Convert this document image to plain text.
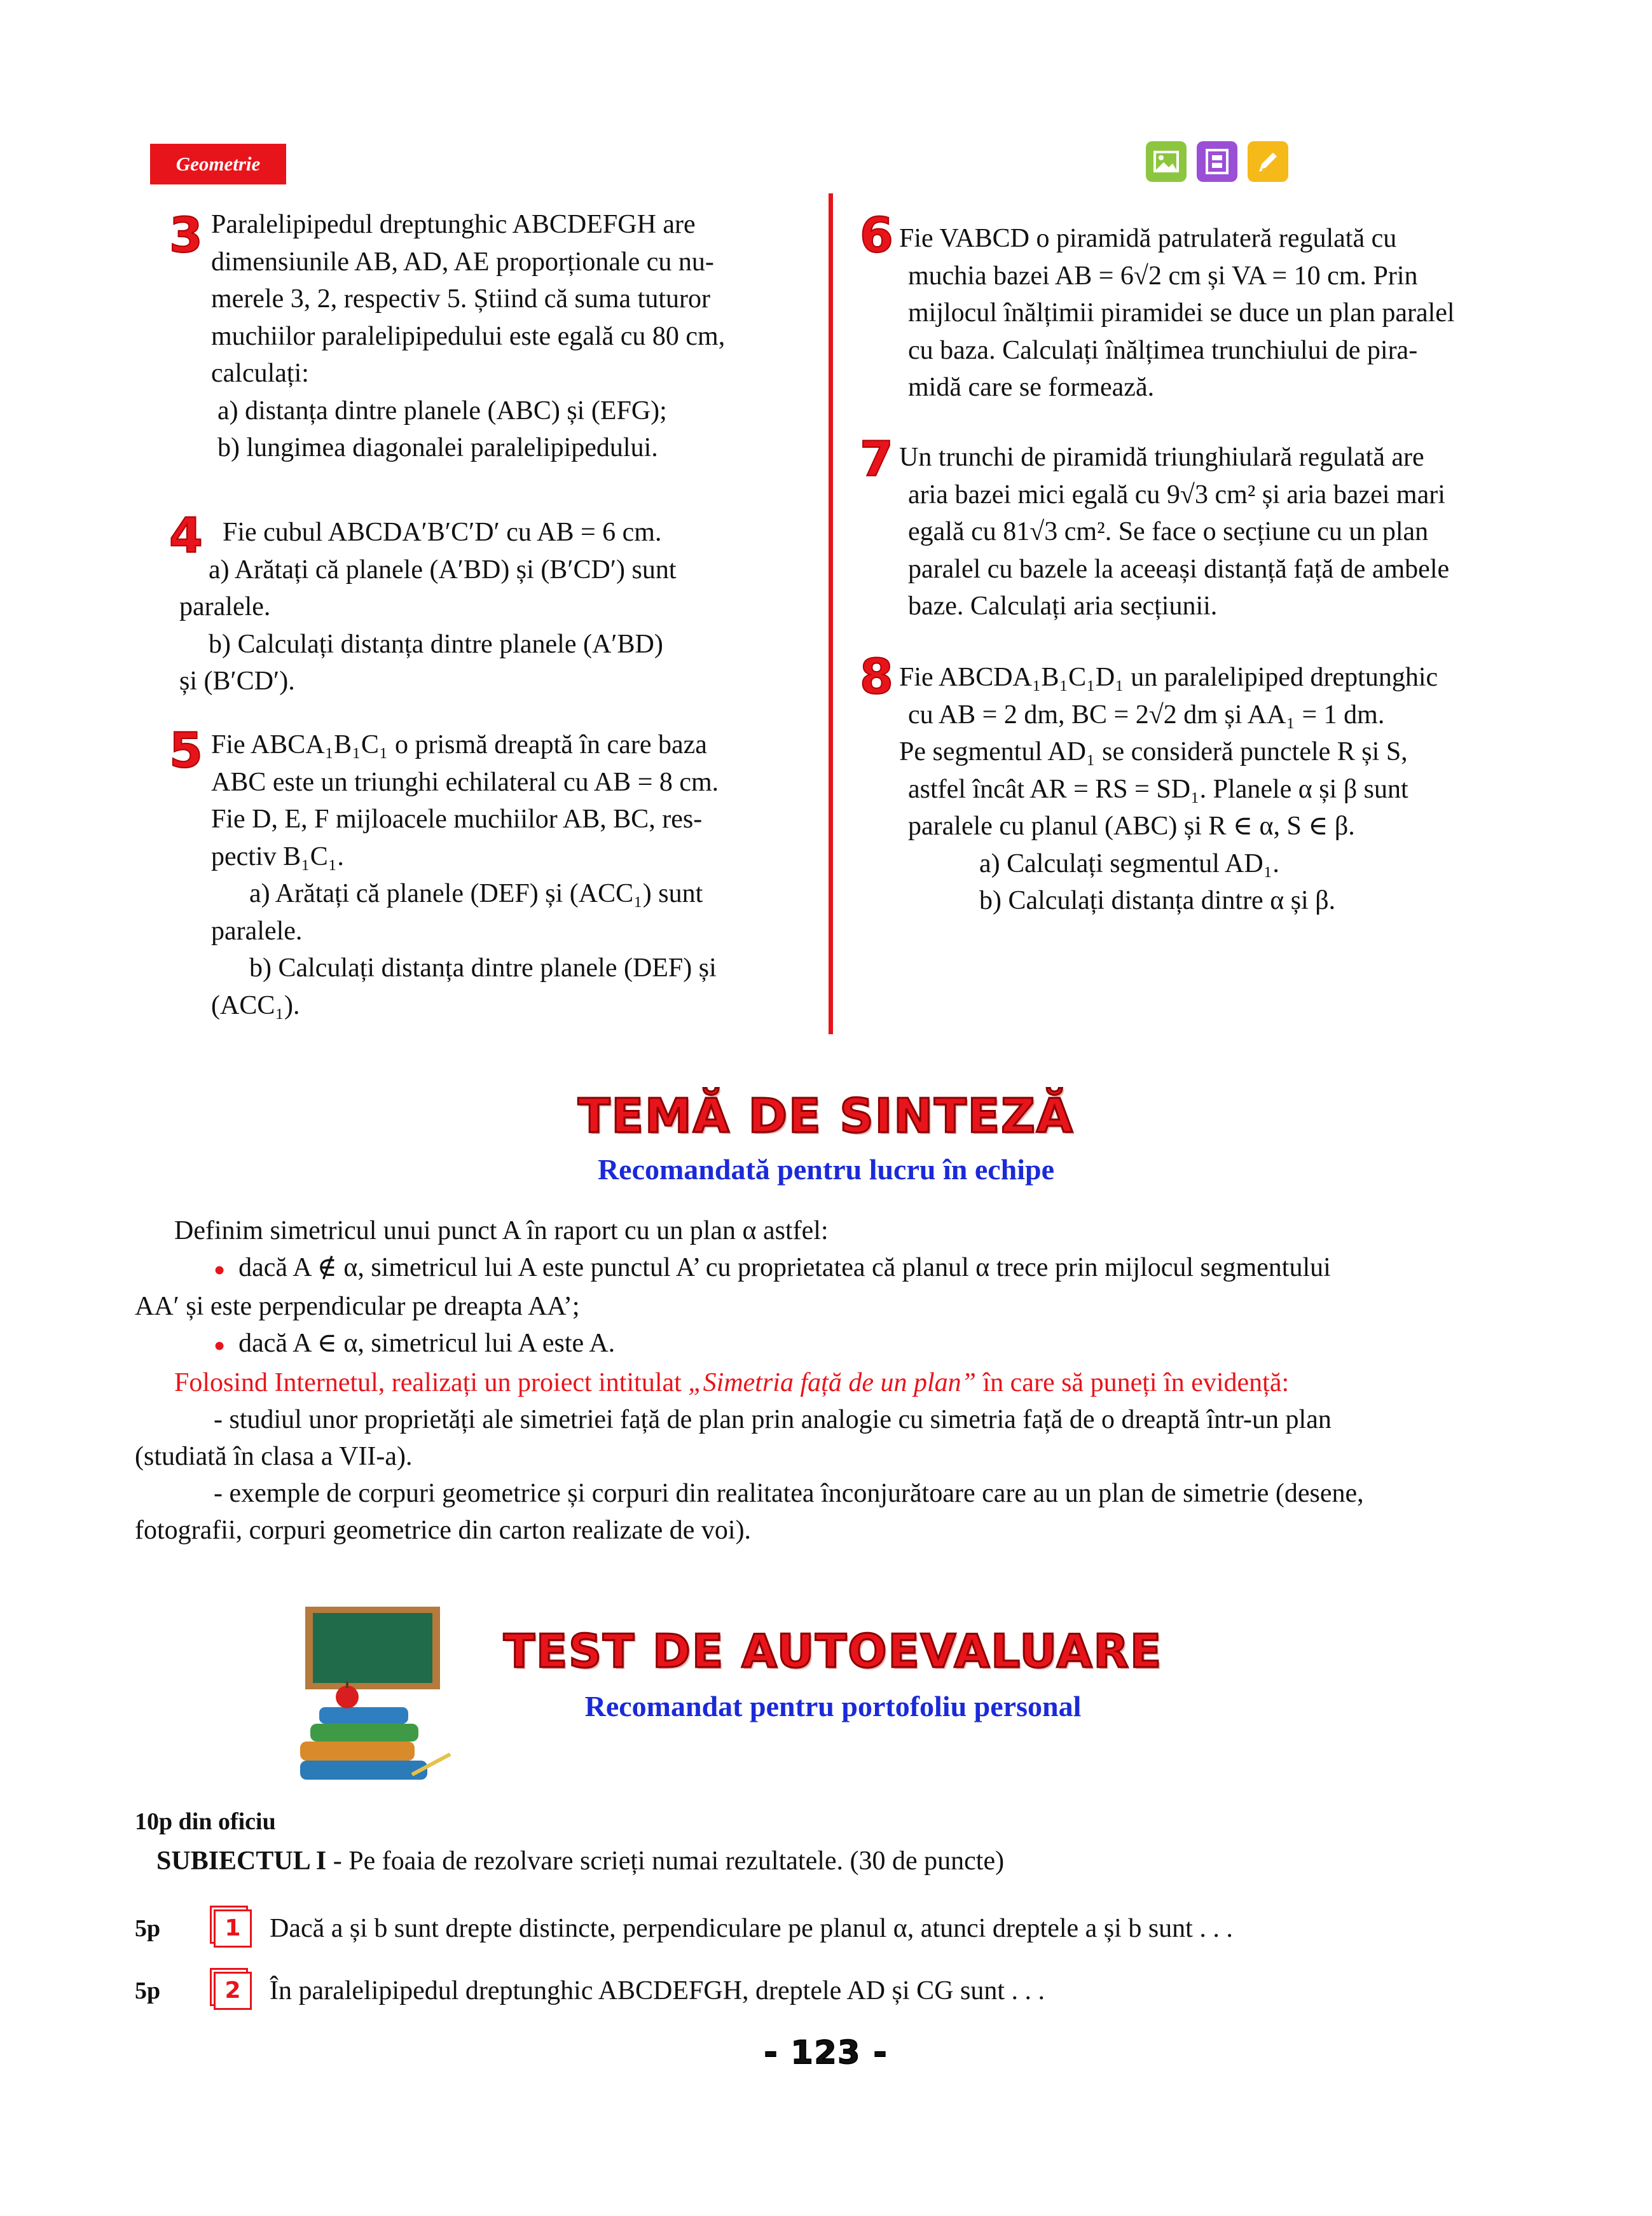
Geometrie
3 Paralelipipedul dreptunghic ABCDEFGH are

dimensiunile AB, AD, AE proporționale cu nu-

merele 3, 2, respectiv 5. Știind că suma tuturor

muchiilor paralelipipedului este egală cu 80 cm,

calculați:

a) distanța dintre planele (ABC) și (EFG);

b) lungimea diagonalei paralelipipedului.

4 Fie cubul ABCDA′B′C′D′ cu AB = 6 cm.

a) Arătați că planele (A′BD) și (B′CD′) sunt

paralele.

b) Calculați distanța dintre planele (A′BD)

și (B′CD′).

5 Fie ABCA₁B₁C₁ o prismă dreaptă în care baza

ABC este un triunghi echilateral cu AB = 8 cm.

Fie D, E, F mijloacele muchiilor AB, BC, res-

pectiv B₁C₁.

a) Arătați că planele (DEF) și (ACC₁) sunt

paralele.

b) Calculați distanța dintre planele (DEF) și

(ACC₁).

6 Fie VABCD o piramidă patrulateră regulată cu

muchia bazei AB = 6√2 cm și VA = 10 cm. Prin

mijlocul înălțimii piramidei se duce un plan paralel

cu baza. Calculați înălțimea trunchiului de pira-

midă care se formează.

7 Un trunchi de piramidă triunghiulară regulată are

aria bazei mici egală cu 9√3 cm² și aria bazei mari

egală cu 81√3 cm². Se face o secțiune cu un plan

paralel cu bazele la aceeași distanță față de ambele

baze. Calculați aria secțiunii.

8 Fie ABCDA₁B₁C₁D₁ un paralelipiped dreptunghic

cu AB = 2 dm, BC = 2√2 dm și AA₁ = 1 dm.

Pe segmentul AD₁ se consideră punctele R și S,

astfel încât AR = RS = SD₁. Planele α și β sunt

paralele cu planul (ABC) și R ∈ α, S ∈ β.

a) Calculați segmentul AD₁.

b) Calculați distanța dintre α și β.

TEMĂ DE SINTEZĂ
Recomandată pentru lucru în echipe

Definim simetricul unui punct A în raport cu un plan α astfel:

● dacă A ∉ α, simetricul lui A este punctul A’ cu proprietatea că planul α trece prin mijlocul segmentului

AA′ și este perpendicular pe dreapta AA’;

● dacă A ∈ α, simetricul lui A este A.

Folosind Internetul, realizați un proiect intitulat „Simetria față de un plan” în care să puneți în evidență:

- studiul unor proprietăți ale simetriei față de plan prin analogie cu simetria față de o dreaptă într-un plan

(studiată în clasa a VII-a).

- exemple de corpuri geometrice și corpuri din realitatea înconjurătoare care au un plan de simetrie (desene,

fotografii, corpuri geometrice din carton realizate de voi).

TEST DE AUTOEVALUARE
Recomandat pentru portofoliu personal
10p din oficiu
SUBIECTUL I - Pe foaia de rezolvare scrieți numai rezultatele. (30 de puncte)
5p	1	Dacă a și b sunt drepte distincte, perpendiculare pe planul α, atunci dreptele a și b sunt . . .
5p	2	În paralelipipedul dreptunghic ABCDEFGH, dreptele AD și CG sunt . . .
- 123 -
